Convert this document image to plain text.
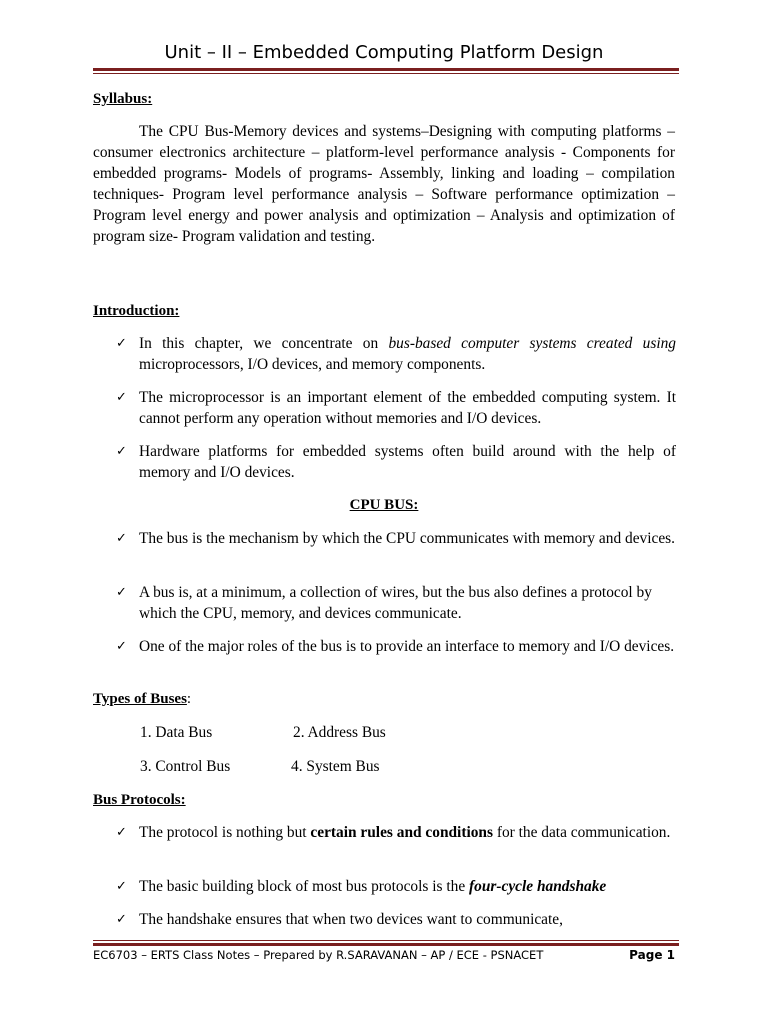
Unit – II – Embedded Computing Platform Design
Syllabus:
The CPU Bus-Memory devices and systems–Designing with computing platforms – consumer electronics architecture – platform-level performance analysis - Components for embedded programs- Models of programs- Assembly, linking and loading – compilation techniques- Program level performance analysis – Software performance optimization – Program level energy and power analysis and optimization – Analysis and optimization of program size- Program validation and testing.
Introduction:
✓ In this chapter, we concentrate on bus-based computer systems created using microprocessors, I/O devices, and memory components.
✓ The microprocessor is an important element of the embedded computing system. It cannot perform any operation without memories and I/O devices.
✓ Hardware platforms for embedded systems often build around with the help of memory and I/O devices.
CPU BUS:
✓ The bus is the mechanism by which the CPU communicates with memory and devices.
✓ A bus is, at a minimum, a collection of wires, but the bus also defines a protocol by which the CPU, memory, and devices communicate.
✓ One of the major roles of the bus is to provide an interface to memory and I/O devices.
Types of Buses:
1. Data Bus	2. Address Bus
3. Control Bus	4. System Bus
Bus Protocols:
✓ The protocol is nothing but certain rules and conditions for the data communication.
✓ The basic building block of most bus protocols is the four-cycle handshake
✓ The handshake ensures that when two devices want to communicate,
EC6703 – ERTS Class Notes – Prepared by R.SARAVANAN – AP / ECE - PSNACET	Page 1
